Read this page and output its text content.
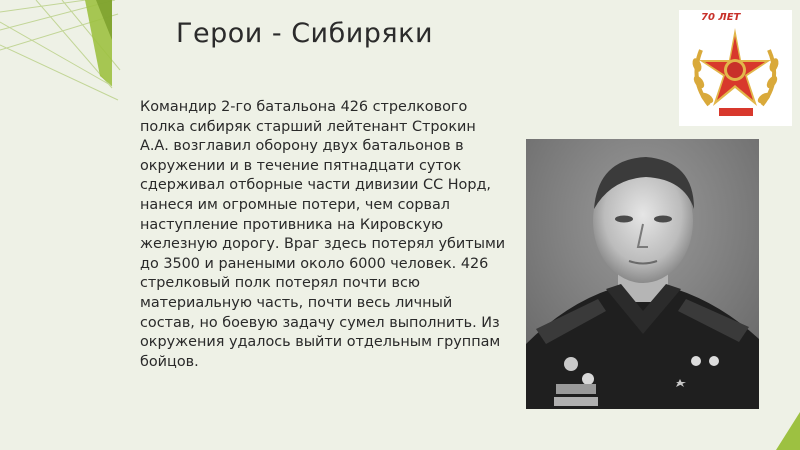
Герои - Сибиряки
Командир 2-го батальона 426 стрелкового полка сибиряк старший лейтенант Строкин А.А. возглавил оборону двух батальонов в окружении и в течение пятнадцати суток сдерживал отборные части дивизии СС Норд, нанеся им огромные потери, чем сорвал наступление противника на Кировскую железную дорогу. Враг здесь потерял убитыми до 3500 и ранеными около 6000 человек. 426 стрелковый полк потерял почти всю материальную часть, почти весь личный состав, но боевую задачу сумел выполнить. Из окружения удалось выйти отдельным группам бойцов.
70 ЛЕТ
